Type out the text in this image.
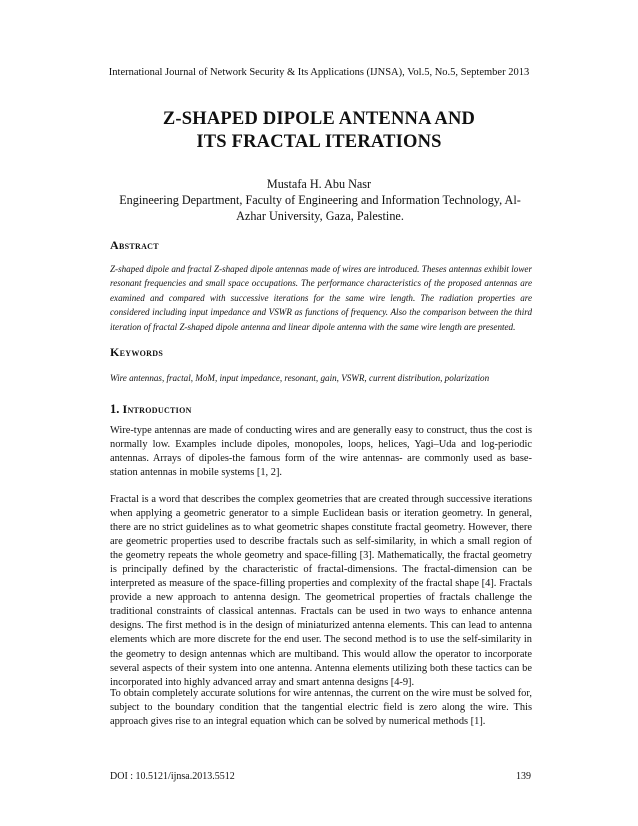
International Journal of Network Security & Its Applications (IJNSA), Vol.5, No.5, September 2013
Z-SHAPED DIPOLE ANTENNA AND
ITS FRACTAL ITERATIONS
Mustafa H. Abu Nasr
Engineering Department, Faculty of Engineering and Information Technology, Al- Azhar University, Gaza, Palestine.
Abstract
Z-shaped dipole and fractal Z-shaped dipole antennas made of wires are introduced. Theses antennas exhibit lower resonant frequencies and small space occupations. The performance characteristics of the proposed antennas are examined and compared with successive iterations for the same wire length. The radiation properties are considered including input impedance and VSWR as functions of frequency. Also the comparison between the third iteration of fractal Z-shaped dipole antenna and linear dipole antenna with the same wire length are presented.
Keywords
Wire antennas, fractal, MoM, input impedance, resonant, gain, VSWR, current distribution, polarization
1. Introduction
Wire-type antennas are made of conducting wires and are generally easy to construct, thus the cost is normally low. Examples include dipoles, monopoles, loops, helices, Yagi–Uda and log-periodic antennas. Arrays of dipoles-the famous form of the wire antennas- are commonly used as base-station antennas in mobile systems [1, 2].
Fractal is a word that describes the complex geometries that are created through successive iterations when applying a geometric generator to a simple Euclidean basis or iteration geometry. In general, there are no strict guidelines as to what geometric shapes constitute fractal geometry. However, there are geometric properties used to describe fractals such as self-similarity, in which a small region of the geometry repeats the whole geometry and space-filling [3]. Mathematically, the fractal geometry is principally defined by the characteristic of fractal-dimensions. The fractal-dimension can be interpreted as measure of the space-filling properties and complexity of the fractal shape [4]. Fractals provide a new approach to antenna design. The geometrical properties of fractals challenge the traditional constraints of classical antennas. Fractals can be used in two ways to enhance antenna designs. The first method is in the design of miniaturized antenna elements. This can lead to antenna elements which are more discrete for the end user. The second method is to use the self-similarity in the geometry to design antennas which are multiband. This would allow the operator to incorporate several aspects of their system into one antenna. Antenna elements utilizing both these tactics can be incorporated into highly advanced array and smart antenna designs [4-9].
To obtain completely accurate solutions for wire antennas, the current on the wire must be solved for, subject to the boundary condition that the tangential electric field is zero along the wire. This approach gives rise to an integral equation which can be solved by numerical methods [1].
DOI : 10.5121/ijnsa.2013.5512	139
